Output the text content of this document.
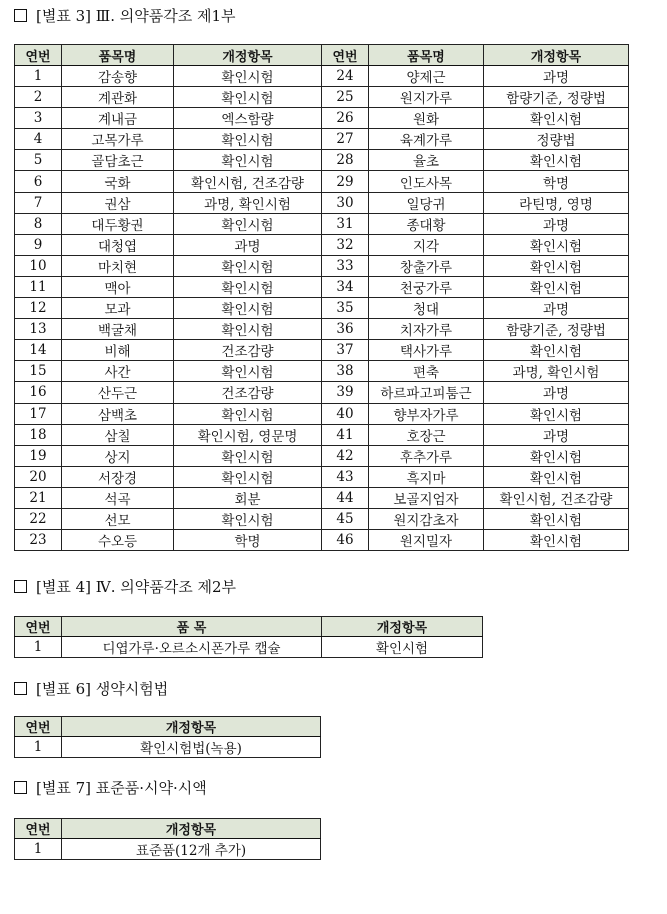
[별표 3] Ⅲ. 의약품각조 제1부
연번	품목명	개정항목	연번	품목명	개정항목
1	감송향	확인시험	24	양제근	과명
2	계관화	확인시험	25	원지가루	함량기준, 정량법
3	계내금	엑스함량	26	원화	확인시험
4	고목가루	확인시험	27	육계가루	정량법
5	골담초근	확인시험	28	율초	확인시험
6	국화	확인시험, 건조감량	29	인도사목	학명
7	권삼	과명, 확인시험	30	일당귀	라틴명, 영명
8	대두황권	확인시험	31	종대황	과명
9	대청엽	과명	32	지각	확인시험
10	마치현	확인시험	33	창출가루	확인시험
11	맥아	확인시험	34	천궁가루	확인시험
12	모과	확인시험	35	청대	과명
13	백굴채	확인시험	36	치자가루	함량기준, 정량법
14	비해	건조감량	37	택사가루	확인시험
15	사간	확인시험	38	편축	과명, 확인시험
16	산두근	건조감량	39	하르파고피툼근	과명
17	삼백초	확인시험	40	향부자가루	확인시험
18	삼칠	확인시험, 영문명	41	호장근	과명
19	상지	확인시험	42	후추가루	확인시험
20	서장경	확인시험	43	흑지마	확인시험
21	석곡	회분	44	보골지엄자	확인시험, 건조감량
22	선모	확인시험	45	원지감초자	확인시험
23	수오등	학명	46	원지밀자	확인시험
[별표 4] Ⅳ. 의약품각조 제2부
연번	품 목	개정항목
1	디엽가루·오르소시폰가루 캡슐	확인시험
[별표 6] 생약시험법
연번	개정항목
1	확인시험법(녹용)
[별표 7] 표준품·시약·시액
연번	개정항목
1	표준품(12개 추가)
